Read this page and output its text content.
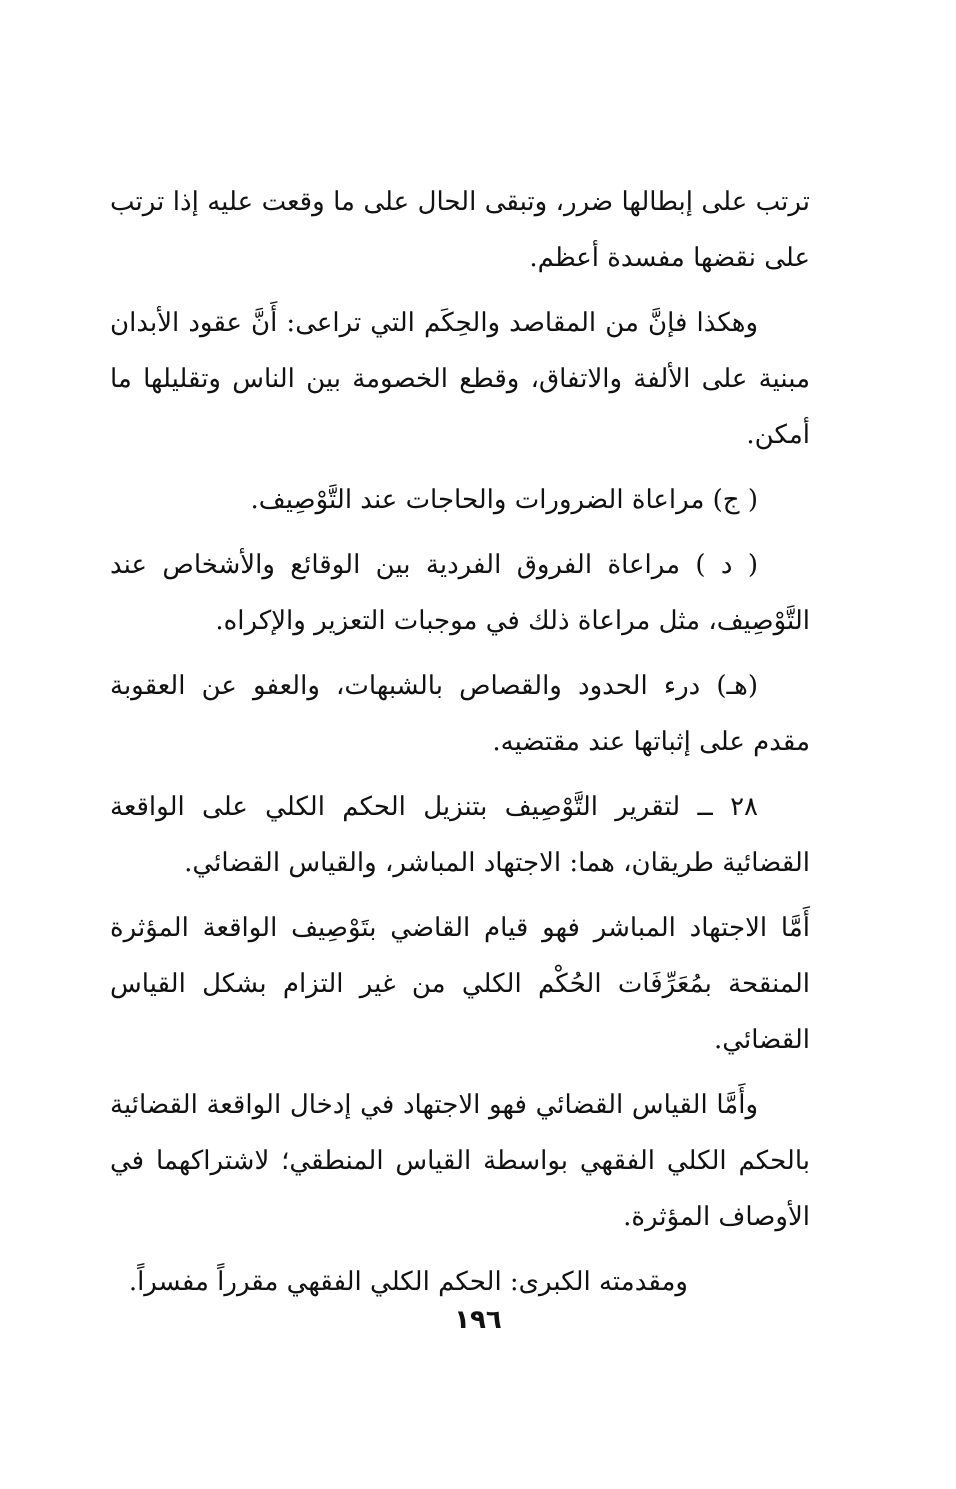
ترتب على إبطالها ضرر، وتبقى الحال على ما وقعت عليه إذا ترتب على نقضها مفسدة أعظم.

وهكذا فإنَّ من المقاصد والحِكَم التي تراعى: أَنَّ عقود الأبدان مبنية على الألفة والاتفاق، وقطع الخصومة بين الناس وتقليلها ما أمكن.

( ج) مراعاة الضرورات والحاجات عند التَّوْصِيف.

( د ) مراعاة الفروق الفردية بين الوقائع والأشخاص عند التَّوْصِيف، مثل مراعاة ذلك في موجبات التعزير والإكراه.

(هـ) درء الحدود والقصاص بالشبهات، والعفو عن العقوبة مقدم على إثباتها عند مقتضيه.

٢٨ ــ لتقرير التَّوْصِيف بتنزيل الحكم الكلي على الواقعة القضائية طريقان، هما: الاجتهاد المباشر، والقياس القضائي.

أَمَّا الاجتهاد المباشر فهو قيام القاضي بتَوْصِيف الواقعة المؤثرة المنقحة بمُعَرِّفَات الحُكْم الكلي من غير التزام بشكل القياس القضائي.

وأَمَّا القياس القضائي فهو الاجتهاد في إدخال الواقعة القضائية بالحكم الكلي الفقهي بواسطة القياس المنطقي؛ لاشتراكهما في الأوصاف المؤثرة.

ومقدمته الكبرى: الحكم الكلي الفقهي مقرراً مفسراً.

١٩٦
